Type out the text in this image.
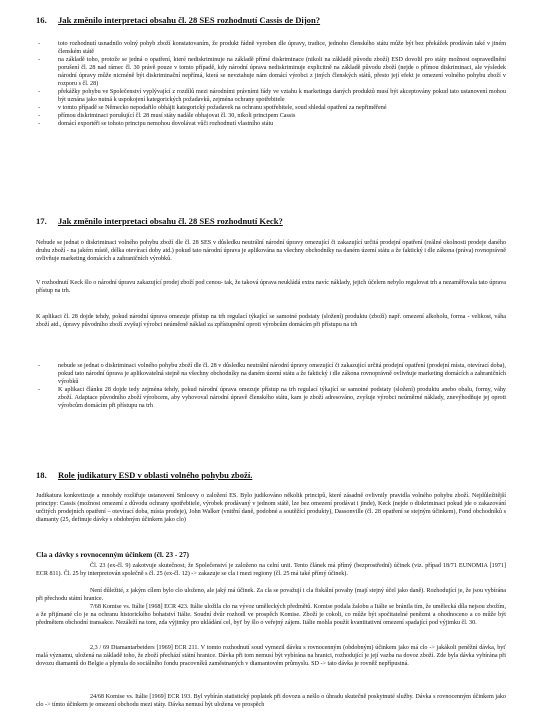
16. Jak změnilo interpretaci obsahu čl. 28 SES rozhodnutí Cassis de Dijon?
-	toto rozhodnutí usnadnilo volný pohyb zboží konstatovaním, že produkt řádně vyroben dle úpravy, tradice, jednoho členského státu může být bez překážek prodáván také v jiném členském státě
-	na základě toho, protože se jedná o opatření, které nediskriminuje na základě přímé diskriminace (nikoli na základě původu zboží) ESD dovolil pro státy možnost ospravedlnění porušení čl. 28 nad rámec čl. 30 právě pouze v tomto případě, kdy národní úprava nediskriminuje explicitně na základě původu zboží (nejde o přímou diskriminaci, ale výsledek národní úpravy může nicméně být diskriminační nepřímá, která se nevztahuje nám domácí výrobci z jiných členských států, přesto její efekt je omezení volného pohybu zboží v rozporu s čl. 28)
-	překážky pohybu ve Společenství vyplývající z rozdílů mezi národními právními řády ve vztahu k marketingu daných produktů musí být akceptovány pokud tato ustanovení mohou být uznána jako nutná k uspokojení kategorických požadavků, zejména ochrany spotřebitele
-	v tomto případě se Německo nepodařilo obhájit kategorický požadavek na ochranu spotřebitele, soud shledal opatření za nepřiměřené
-	přímou diskriminaci porušující čl. 28 musí státy nadále obhajovat čl. 30, nikoli principem Cassis
-	domácí exportéři se tohoto principu nemohou dovolávat vůči rozhodnutí vlastního státu
17. Jak změnilo interpretaci obsahu čl. 28 SES rozhodnutí Keck?

Nebude se jednat o diskriminaci volného pohybu zboží dle čl. 28 SES v důsledku neutrální národní úpravy omezující či zakazující určitá prodejní opatření (reálné okolnosti prodeje daného druhu zboží - na jakém místě, délka otevírací doby atd.) pokud tato národní úprava je aplikována na všechny obchodníky na daném území státu a že faktický i dle zákona (práva) rovnoprávně ovlivňuje marketing domácích a zahraničních výrobků.

V rozhodnutí Keck šlo o národní úpravu zakazující prodej zboží pod cenou- tak, že taková úprava neukládá extra navíc náklady, jejich účelem nebylo regulovat trh a nezaměřovala tato úprava přístup na trh.

K aplikaci čl. 28 dojde tehdy, pokud národní úprava omezuje přístup na trh regulací týkající se samotné podstaty (složení) produktu (zboží) např. omezení alkoholu, forma - velikost, váha zboží atd., úpravy původního zboží zvyšují výrobci neúměrně náklad za zpřístupnění oproti výrobcům domácím při přístupu na trh

-	nebude se jednat o diskriminaci volného pohybu zboží dle čl. 28 v důsledku neutrální národní úpravy omezující či zakazující určitá prodejní opatření (prodejní místa, otevírací doba), pokud tato národní úprava je aplikovatelná stejně na všechny obchodníky na daném území státu a že faktický i dle zákona rovnoprávně ovlivňuje marketing domácích a zahraničních výrobků
-	K aplikaci článku 28 dojde tedy zejména tehdy, pokud národní úprava omezuje přístup na trh regulací týkající se samotné podstaty (složení) produktu anebo obalu, formy, váhy zboží. Adaptace původního zboží výrobcem, aby vyhovoval národní úpravě členského státu, kam je zboží adresováno, zvyšuje výrobci neúměrné náklady, znevýhodňuje jej oproti výrobcům domácím při přístupu na trh
18. Role judikatury ESD v oblasti volného pohybu zboží.

Judikatura konkretizuje a mnohdy rozšiřuje ustanovení Smlouvy o založení ES. Bylo judikováno několik principů, které zásadně ovlivnily pravidla volného pohybu zboží. Nejdůležitější principy: Cassis (možnost omezení z důvodu ochrany spotřebitele, výrobek prodávaný v jednom státě, lze bez omezení prodávat i jinde), Keck (nejde o diskriminaci pokud jde o zakazování určitých prodejních opatření – otevírací doba, místa prodeje), John Walker (vnitřní daně, podobné a soutěžící produkty), Dassonville (čl. 28 opatření se stejným účinkem), Fond obchodníků s diamanty (25, definuje dávky s obdobným účinkem jako clo)

Cla a dávky s rovnocenným účinkem (čl. 23 - 27)

Čl. 23 (ex-čl. 9) zakotvuje skutečnost, že Společenství je založeno na celní unii. Tento článek má přímý (bezprostřední) účinek (viz. případ 18/71 EUNOMIA [1971] ECR 811). Čl. 25 by interpretován společně s čl. 25 (ex-čl. 12) -> zakazuje se cla i mezi regiony (čl. 25 má také přímý účinek).

Není důležité, z jakým cílem bylo clo uloženo, ale jaký má účinek. Za cla se považují i cla fiskální povahy (mají stejný účel jako daně). Rozhodující je, že jsou vybírána při přechodu státní hranice.

7/68 Komise vs. Itálie [1968] ECR 423. Itálie uložila clo na vývoz uměleckých předmětů. Komise podala žalobu a Itálie se bránila tím, že umělecká díla nejsou zbožím, a že přijímané clo je na ochranu historického bohatství Itálie. Soudní dvůr rozhodl ve prospěch Komise. Zboží je cokoli, co může být spočitatelné penězmi a ohodnoceno a co může být předmětem obchodní transakce. Nezáleží na tom, zda výjimky pro ukládání cel, byt' by šlo o veřejný zájem. Itálie mohla použít kvantitativní omezení spadající pod výjimku čl. 30.

2,3 / 69 Diamantarbeiders [1969] ECR 211. V tomto rozhodnutí soud vymezil dávku s rovnocenným (obdobným) účinkem jako má clo -> jakákoli peněžní dávka, byť malá významu, uložená na základě toho, že zboží přechází státní hranice. Dávka při tom nemusí být vybírána na hranici, rozhodující je její vazba na dovoz zboží. Zde byla dávka vybírána při dovozu diamantů do Belgie a plynula do sociálního fondu pracovníků zaměstnaných v diamantovém průmyslu. SD -> tato dávka je rovněž nepřípustná.

24/68 Komise vs. Itálie [1969] ECR 193. Byl vybírán statistický poplatek při dovozu a nešlo o úhradu skutečně poskytnuté služby. Dávka s rovnocenným účinkem jako clo -> tímto účinkem je omezení obchodu mezi státy. Dávka nemusí být uložena ve prospěch
